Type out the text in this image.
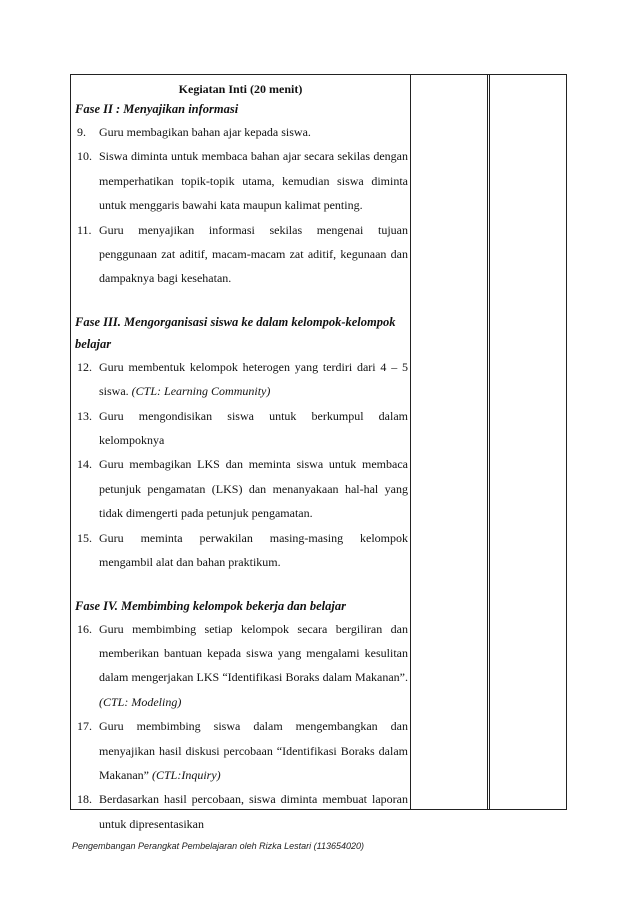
Kegiatan Inti (20 menit)
Fase II : Menyajikan informasi
9. Guru membagikan bahan ajar kepada siswa.
10. Siswa diminta untuk membaca bahan ajar secara sekilas dengan memperhatikan topik-topik utama, kemudian siswa diminta untuk menggaris bawahi kata maupun kalimat penting.
11. Guru menyajikan informasi sekilas mengenai tujuan penggunaan zat aditif, macam-macam zat aditif, kegunaan dan dampaknya bagi kesehatan.
Fase III. Mengorganisasi siswa ke dalam kelompok-kelompok belajar
12. Guru membentuk kelompok heterogen yang terdiri dari 4 – 5 siswa. (CTL: Learning Community)
13. Guru mengondisikan siswa untuk berkumpul dalam kelompoknya
14. Guru membagikan LKS dan meminta siswa untuk membaca petunjuk pengamatan (LKS) dan menanyakaan hal-hal yang tidak dimengerti pada petunjuk pengamatan.
15. Guru meminta perwakilan masing-masing kelompok mengambil alat dan bahan praktikum.
Fase IV. Membimbing kelompok bekerja dan belajar
16. Guru membimbing setiap kelompok secara bergiliran dan memberikan bantuan kepada siswa yang mengalami kesulitan dalam mengerjakan LKS “Identifikasi Boraks dalam Makanan”. (CTL: Modeling)
17. Guru membimbing siswa dalam mengembangkan dan menyajikan hasil diskusi percobaan “Identifikasi Boraks dalam Makanan” (CTL:Inquiry)
18. Berdasarkan hasil percobaan, siswa diminta membuat laporan untuk dipresentasikan
Pengembangan Perangkat Pembelajaran oleh Rizka Lestari (113654020)
